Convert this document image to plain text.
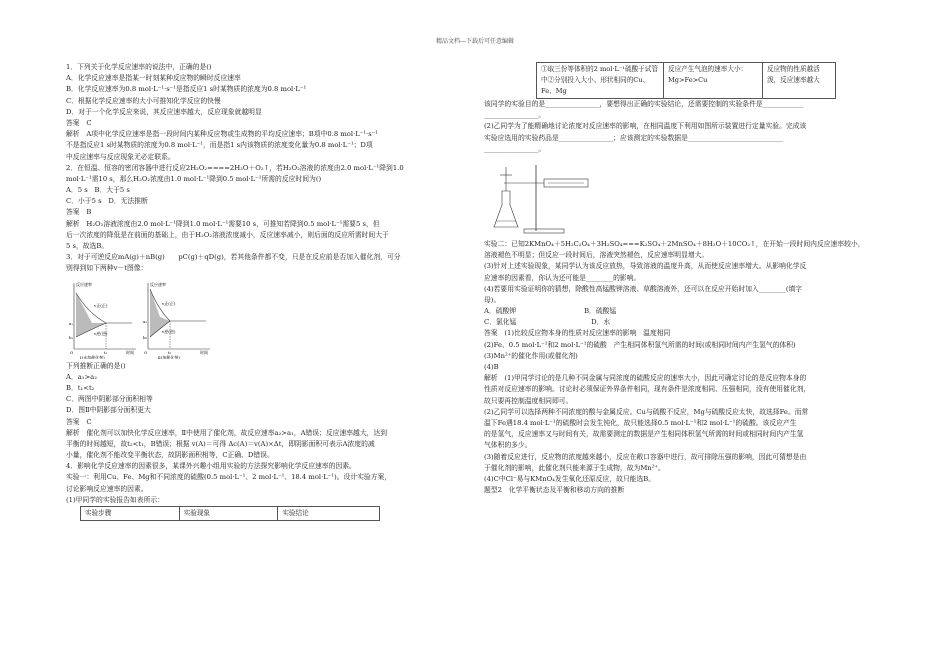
精品文档---下载后可任意编辑
1．下列关于化学反应速率的说法中，正确的是()
A．化学反应速率是指某一时刻某种反应物的瞬时反应速率
B．化学反应速率为0.8 mol·L⁻¹·s⁻¹是指反应1 s时某物质的浓度为0.8 mol·L⁻¹
C．根据化学反应速率的大小可推知化学反应的快慢
D．对于一个化学反应来说，其反应速率越大，反应现象就越明显
答案　C
解析　A项中化学反应速率是指一段时间内某种反应物或生成物的平均反应速率；B项中0.8 mol·L⁻¹·s⁻¹
不是指反应1 s时某物质的浓度为0.8 mol·L⁻¹，而是指1 s内该物质的浓度变化量为0.8 mol·L⁻¹；D项
中反应速率与反应现象无必定联系。
2．在恒温、恒容的密闭容器中进行反应2H₂O₂====2H₂O＋O₂↑，若H₂O₂溶液的浓度由2.0 mol·L⁻¹降到1.0
mol·L⁻¹需10 s，那么H₂O₂浓度由1.0 mol·L⁻¹降到0.5 mol·L⁻¹所需的反应时间为()
A．5 s　B．大于5 s
C．小于5 s　D．无法推断
答案　B
解析　H₂O₂溶液浓度由2.0 mol·L⁻¹降到1.0 mol·L⁻¹需要10 s，可推知若降到0.5 mol·L⁻¹需要5 s，但
后一次浓度的降低是在前面的基础上，由于H₂O₂溶液浓度减小，反应速率减小，则后面的反应所需时间大于
5 s，故选B。
3．对于可逆反应mA(g)＋nB(g)　　pC(g)＋qD(g)，若其他条件都不变，只是在反应前是否加入催化剂，可分
别得到如下两种v－t图像：
反应速率
v正(正)
v逆(逆)
a₁
b₁
t₁
O	时间
Ⅰ(未加催化剂)
反应速率
v正(正)
v逆(逆)
a₂
b₂
t₂
O	时间
Ⅱ(加催化剂)
下列推断正确的是()
A．a₁>a₂
B．t₁<t₂
C．两图中阴影部分面积相等
D．图Ⅱ中阴影部分面积更大
答案　C
解析　催化剂可以加快化学反应速率，Ⅱ中使用了催化剂，故反应速率a₂>a₁，A错误；反应速率越大，达到
平衡的时间越短，故t₂<t₁，B错误；根据 v(A)＝可得 Δc(A)＝v(A)×Δt，即阴影面积可表示A浓度的减
小量，催化剂不能改变平衡状态，故阴影面积相等，C正确、D错误。
4．影响化学反应速率的因素很多，某课外兴趣小组用实验的方法探究影响化学反应速率的因素。
实验一：利用Cu、Fe、Mg和不同浓度的硫酸(0.5 mol·L⁻¹、2 mol·L⁻¹、18.4 mol·L⁻¹)。设计实验方案，
讨论影响反应速率的因素。
(1)甲同学的实验报告如表所示：
实验步骤	实验现象	实验结论
①取三份等体积的2 mol·L⁻¹硫酸于试管中②分别投入大小、形状相同的Cu、Fe、Mg	反应产生气泡的速率大小：Mg>Fe>Cu	反应物的性质越活泼，反应速率越大
该同学的实验目的是________________，要想得出正确的实验结论，还需要控制的实验条件是____________
________________。
(2)乙同学为了能精确地讨论浓度对反应速率的影响，在相同温度下利用如图所示装置进行定量实验。完成该
实验应选用的实验药品是________________；应该测定的实验数据是____________________________
________________。
实验二：已知2KMnO₄＋5H₂C₂O₄＋3H₂SO₄===K₂SO₄＋2MnSO₄＋8H₂O＋10CO₂↑，在开始一段时间内反应速率较小，
溶液褪色不明显；但反应一段时间后，溶液突然褪色，反应速率明显增大。
(3)针对上述实验现象，某同学认为该反应放热，导致溶液的温度升高，从而使反应速率增大。从影响化学反
应速率的因素看，你认为还可能是________的影响。
(4)若要用实验证明你的猜想，除酸性高锰酸钾溶液、草酸溶液外，还可以在反应开始时加入________(填字
母)。
A．硫酸钾　　　　　　　　　　B．硫酸锰
C．氯化锰　　　　　　　　　　　D．水
答案　(1)比较反应物本身的性质对反应速率的影响　温度相同
(2)Fe、0.5 mol·L⁻¹和2 mol·L⁻¹的硫酸　产生相同体积氢气所需的时间(或相同时间内产生氢气的体积)
(3)Mn²⁺的催化作用(或催化剂)
(4)B
解析　(1)甲同学讨论的是几种不同金属与同浓度的硫酸反应的速率大小，因此可确定讨论的是反应物本身的
性质对反应速率的影响。讨论时必须保证外界条件相同，现有条件是浓度相同、压强相同，没有使用催化剂，
故只要再控制温度相同即可。
(2)乙同学可以选择两种不同浓度的酸与金属反应。Cu与硫酸不反应，Mg与硫酸反应太快，故选择Fe。而常
温下Fe遇18.4 mol·L⁻¹的硫酸时会发生钝化，故只能选择0.5 mol·L⁻¹和2 mol·L⁻¹的硫酸。该反应产生
的是氢气，反应速率又与时间有关，故需要测定的数据是产生相同体积氢气所需的时间或相同时间内产生氢
气体积的多少。
(3)随着反应进行，反应物的浓度越来越小，反应在敞口容器中进行，故可排除压强的影响，因此可猜想是由
于催化剂的影响，此催化剂只能来源于生成物，故为Mn²⁺。
(4)C中Cl⁻易与KMnO₄发生氧化还原反应，故只能选B。
题型2　化学平衡状态及平衡和移动方向的推断
